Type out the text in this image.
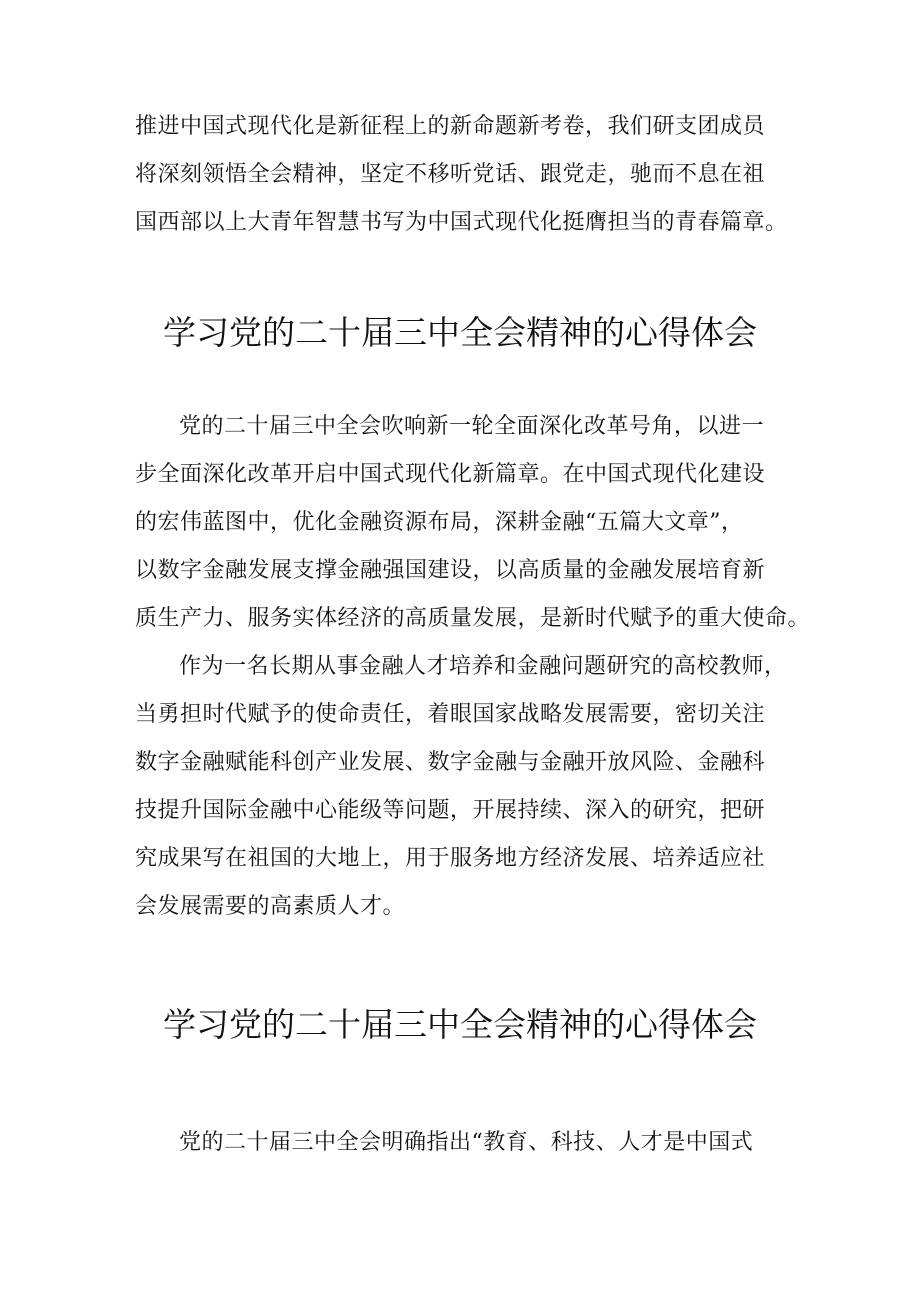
推进中国式现代化是新征程上的新命题新考卷，我们研支团成员
将深刻领悟全会精神，坚定不移听党话、跟党走，驰而不息在祖
国西部以上大青年智慧书写为中国式现代化挺膺担当的青春篇章。

学习党的二十届三中全会精神的心得体会

党的二十届三中全会吹响新一轮全面深化改革号角，以进一
步全面深化改革开启中国式现代化新篇章。在中国式现代化建设
的宏伟蓝图中，优化金融资源布局，深耕金融“五篇大文章”，
以数字金融发展支撑金融强国建设，以高质量的金融发展培育新
质生产力、服务实体经济的高质量发展，是新时代赋予的重大使命。

作为一名长期从事金融人才培养和金融问题研究的高校教师，
当勇担时代赋予的使命责任，着眼国家战略发展需要，密切关注
数字金融赋能科创产业发展、数字金融与金融开放风险、金融科
技提升国际金融中心能级等问题，开展持续、深入的研究，把研
究成果写在祖国的大地上，用于服务地方经济发展、培养适应社
会发展需要的高素质人才。

学习党的二十届三中全会精神的心得体会

党的二十届三中全会明确指出“教育、科技、人才是中国式
